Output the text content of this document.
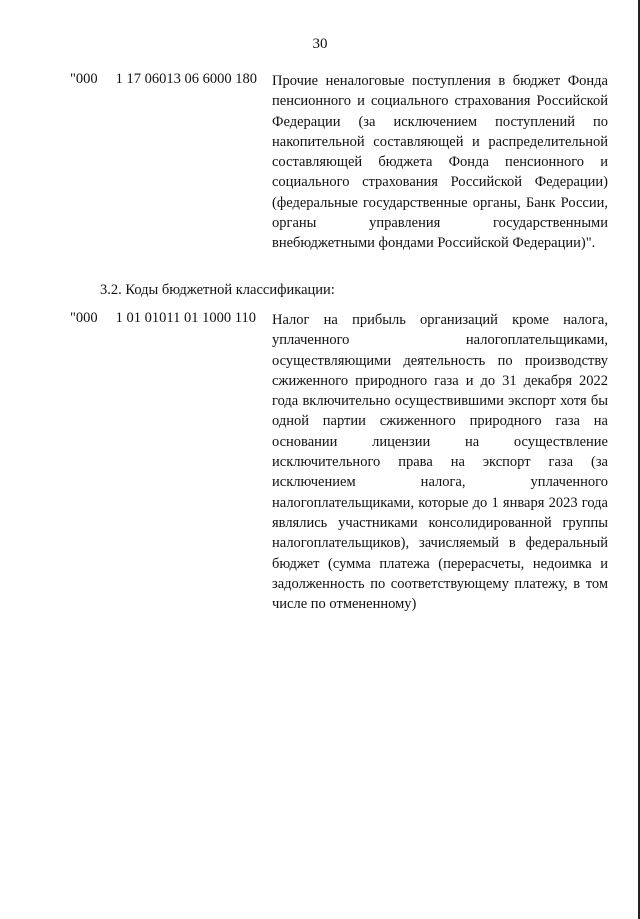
30
"000 1 17 06013 06 6000 180 Прочие неналоговые поступления в бюджет Фонда пенсионного и социального страхования Российской Федерации (за исключением поступлений по накопительной составляющей и распределительной составляющей бюджета Фонда пенсионного и социального страхования Российской Федерации) (федеральные государственные органы, Банк России, органы управления государственными внебюджетными фондами Российской Федерации)".
3.2. Коды бюджетной классификации:
"000 1 01 01011 01 1000 110 Налог на прибыль организаций кроме налога, уплаченного налогоплательщиками, осуществляющими деятельность по производству сжиженного природного газа и до 31 декабря 2022 года включительно осуществившими экспорт хотя бы одной партии сжиженного природного газа на основании лицензии на осуществление исключительного права на экспорт газа (за исключением налога, уплаченного налогоплательщиками, которые до 1 января 2023 года являлись участниками консолидированной группы налогоплательщиков), зачисляемый в федеральный бюджет (сумма платежа (перерасчеты, недоимка и задолженность по соответствующему платежу, в том числе по отмененному)
